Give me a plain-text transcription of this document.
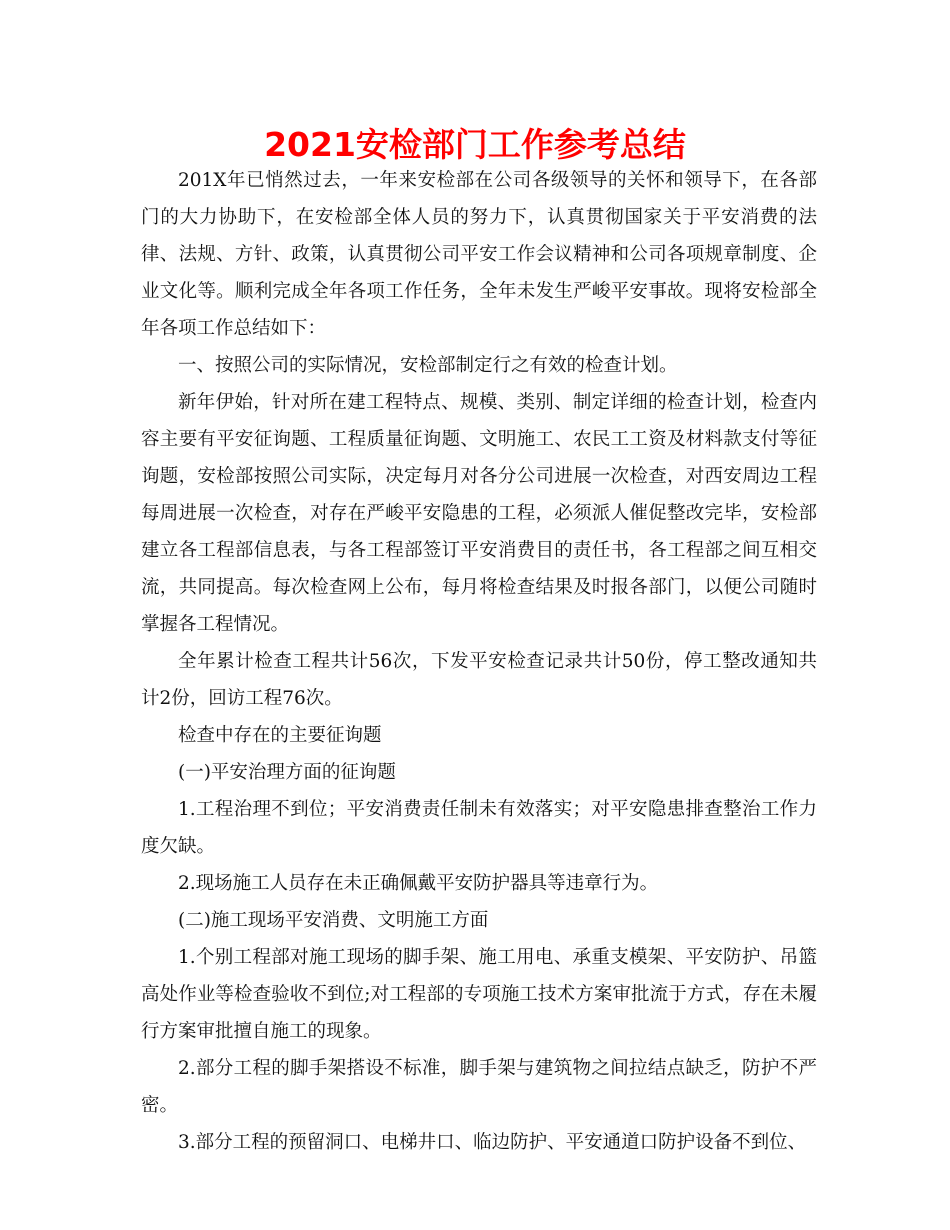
2021安检部门工作参考总结

201X年已悄然过去，一年来安检部在公司各级领导的关怀和领导下，在各部门的大力协助下，在安检部全体人员的努力下，认真贯彻国家关于平安消费的法律、法规、方针、政策，认真贯彻公司平安工作会议精神和公司各项规章制度、企业文化等。顺利完成全年各项工作任务，全年未发生严峻平安事故。现将安检部全年各项工作总结如下：

一、按照公司的实际情况，安检部制定行之有效的检查计划。

新年伊始，针对所在建工程特点、规模、类别、制定详细的检查计划，检查内容主要有平安征询题、工程质量征询题、文明施工、农民工工资及材料款支付等征询题，安检部按照公司实际，决定每月对各分公司进展一次检查，对西安周边工程每周进展一次检查，对存在严峻平安隐患的工程，必须派人催促整改完毕，安检部建立各工程部信息表，与各工程部签订平安消费目的责任书，各工程部之间互相交流，共同提高。每次检查网上公布，每月将检查结果及时报各部门，以便公司随时掌握各工程情况。

全年累计检查工程共计56次，下发平安检查记录共计50份，停工整改通知共计2份，回访工程76次。

检查中存在的主要征询题

(一)平安治理方面的征询题

1.工程治理不到位；平安消费责任制未有效落实；对平安隐患排查整治工作力度欠缺。

2.现场施工人员存在未正确佩戴平安防护器具等违章行为。

(二)施工现场平安消费、文明施工方面

1.个别工程部对施工现场的脚手架、施工用电、承重支模架、平安防护、吊篮高处作业等检查验收不到位;对工程部的专项施工技术方案审批流于方式，存在未履行方案审批擅自施工的现象。

2.部分工程的脚手架搭设不标准，脚手架与建筑物之间拉结点缺乏，防护不严密。

3.部分工程的预留洞口、电梯井口、临边防护、平安通道口防护设备不到位、
